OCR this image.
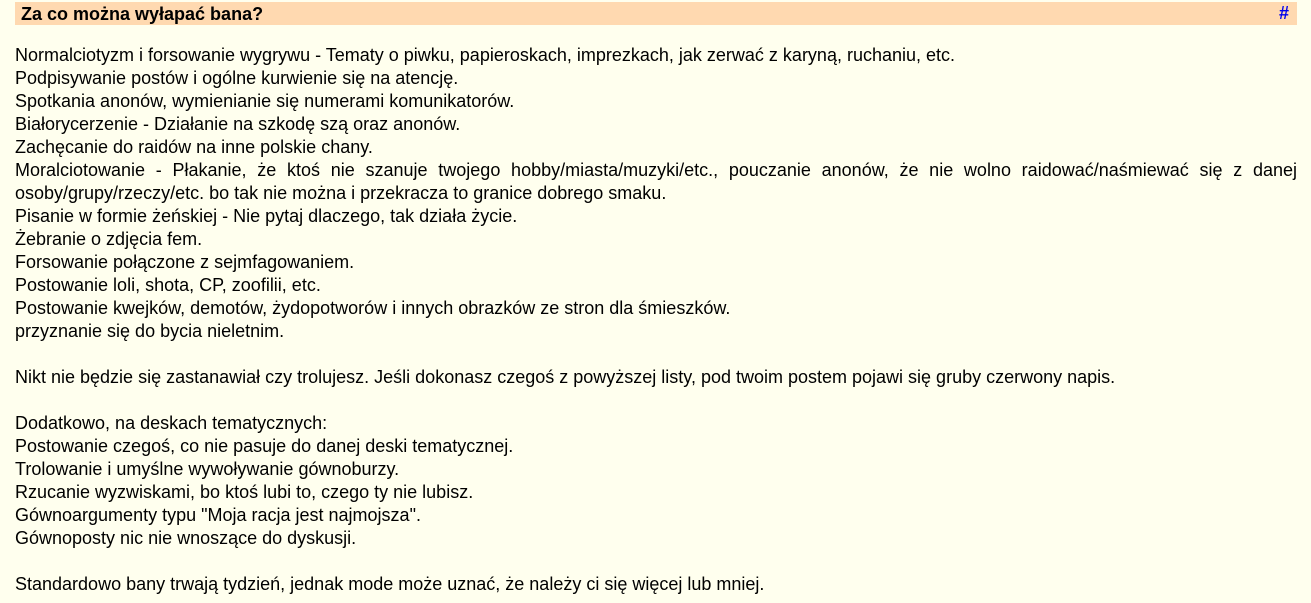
Za co można wyłapać bana?	#
Normalciotyzm i forsowanie wygrywu - Tematy o piwku, papieroskach, imprezkach, jak zerwać z karyną, ruchaniu, etc.
Podpisywanie postów i ogólne kurwienie się na atencję.
Spotkania anonów, wymienianie się numerami komunikatorów.
Białorycerzenie - Działanie na szkodę szą oraz anonów.
Zachęcanie do raidów na inne polskie chany.
Moralciotowanie - Płakanie, że ktoś nie szanuje twojego hobby/miasta/muzyki/etc., pouczanie anonów, że nie wolno raidować/naśmiewać się z danej osoby/grupy/rzeczy/etc. bo tak nie można i przekracza to granice dobrego smaku.
Pisanie w formie żeńskiej - Nie pytaj dlaczego, tak działa życie.
Żebranie o zdjęcia fem.
Forsowanie połączone z sejmfagowaniem.
Postowanie loli, shota, CP, zoofilii, etc.
Postowanie kwejków, demotów, żydopotworów i innych obrazków ze stron dla śmieszków.
przyznanie się do bycia nieletnim.
Nikt nie będzie się zastanawiał czy trolujesz. Jeśli dokonasz czegoś z powyższej listy, pod twoim postem pojawi się gruby czerwony napis.
Dodatkowo, na deskach tematycznych:
Postowanie czegoś, co nie pasuje do danej deski tematycznej.
Trolowanie i umyślne wywoływanie gównoburzy.
Rzucanie wyzwiskami, bo ktoś lubi to, czego ty nie lubisz.
Gównoargumenty typu "Moja racja jest najmojsza".
Gównoposty nic nie wnoszące do dyskusji.
Standardowo bany trwają tydzień, jednak mode może uznać, że należy ci się więcej lub mniej.
